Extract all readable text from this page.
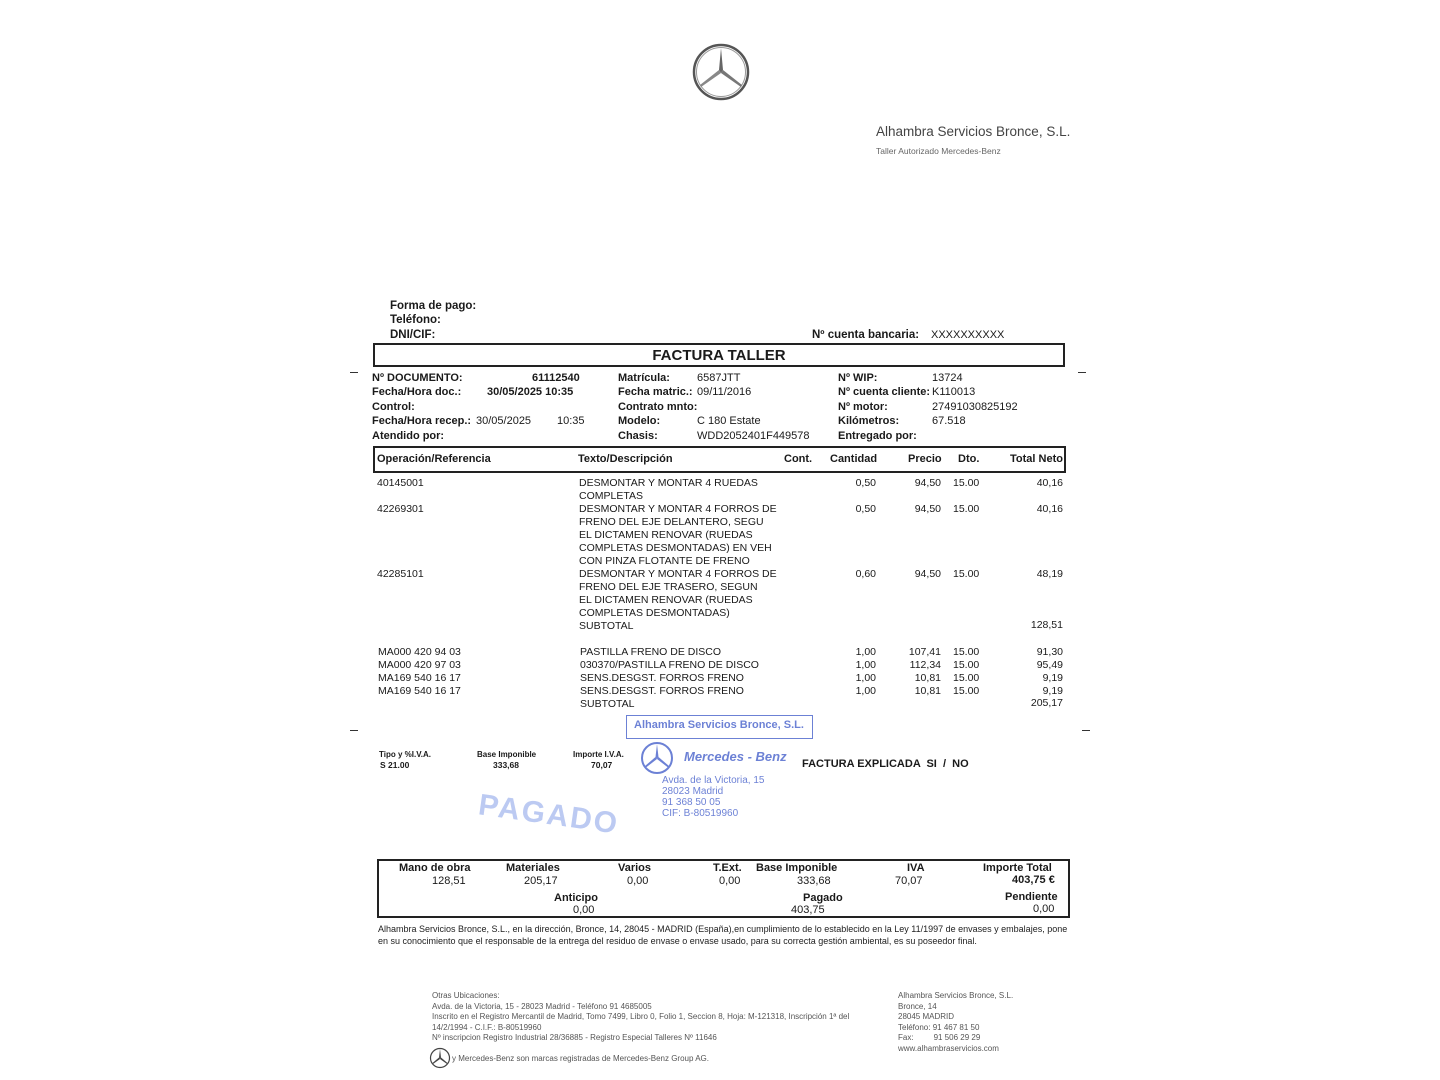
Alhambra Servicios Bronce, S.L.
Taller Autorizado Mercedes-Benz
Forma de pago:
Teléfono:
DNI/CIF:	Nº cuenta bancaria: XXXXXXXXXX
FACTURA TALLER
Nº DOCUMENTO:	61112540
Fecha/Hora doc.: 30/05/2025 10:35
Control:
Fecha/Hora recep.: 30/05/2025 10:35
Atendido por:
Matrícula: 6587JTT
Fecha matric.: 09/11/2016
Contrato mnto:
Modelo:	C 180 Estate
Chasis:	WDD2052401F449578
Nº WIP:	13724
Nº cuenta cliente: K110013
Nº motor:	27491030825192
Kilómetros:	67.518
Entregado por:
Operación/Referencia	Texto/Descripción	Cont. Cantidad	Precio Dto.	Total Neto
40145001	DESMONTAR Y MONTAR 4 RUEDAS
COMPLETAS
0,50	94,50 15.00	40,16
42269301	DESMONTAR Y MONTAR 4 FORROS DE
FRENO DEL EJE DELANTERO, SEGU
EL DICTAMEN RENOVAR (RUEDAS
COMPLETAS DESMONTADAS) EN VEH
CON PINZA FLOTANTE DE FRENO
0,50	94,50 15.00	40,16
42285101	DESMONTAR Y MONTAR 4 FORROS DE
FRENO DEL EJE TRASERO, SEGUN
EL DICTAMEN RENOVAR (RUEDAS
COMPLETAS DESMONTADAS)
0,60	94,50 15.00	48,19
SUBTOTAL	128,51
MA000 420 94 03	PASTILLA FRENO DE DISCO	1,00	107,41 15.00	91,30
MA000 420 97 03	030370/PASTILLA FRENO DE DISCO	1,00	112,34 15.00	95,49
MA169 540 16 17	SENS.DESGST. FORROS FRENO	1,00	10,81 15.00	9,19
MA169 540 16 17	SENS.DESGST. FORROS FRENO	1,00	10,81 15.00	9,19
SUBTOTAL	205,17
Tipo y %I.V.A.
S 21.00
Base Imponible
333,68
Importe I.V.A.
70,07	FACTURA EXPLICADA  SI  /  NO
Alhambra Servicios Bronce, S.L.
Mercedes - Benz
Avda. de la Victoria, 15
28023 Madrid
91 368 50 05
CIF: B-80519960
PAGADO
Mano de obra
128,51
Materiales
205,17
Varios
0,00
T.Ext.
0,00
Base Imponible
333,68
IVA
70,07
Importe Total
403,75 €
Anticipo
0,00
Pagado
403,75
Pendiente
0,00
Alhambra Servicios Bronce, S.L., en la dirección, Bronce, 14, 28045 - MADRID (España),en cumplimiento de lo establecido en la Ley 11/1997 de envases y embalajes, pone en su conocimiento que el responsable de la entrega del residuo de envase o envase usado, para su correcta gestión ambiental, es su poseedor final.
Otras Ubicaciones:
Avda. de la Victoria, 15 - 28023 Madrid - Teléfono 91 4685005
Inscrito en el Registro Mercantil de Madrid, Tomo 7499, Libro 0, Folio 1, Seccion 8, Hoja: M-121318, Inscripción 1ª del
14/2/1994 - C.I.F.: B-80519960
Nº inscripcion Registro Industrial 28/36885 - Registro Especial Talleres Nº 11646
y Mercedes-Benz son marcas registradas de Mercedes-Benz Group AG.
Alhambra Servicios Bronce, S.L.
Bronce, 14
28045 MADRID
Teléfono: 91 467 81 50
Fax:         91 506 29 29
www.alhambraservicios.com
